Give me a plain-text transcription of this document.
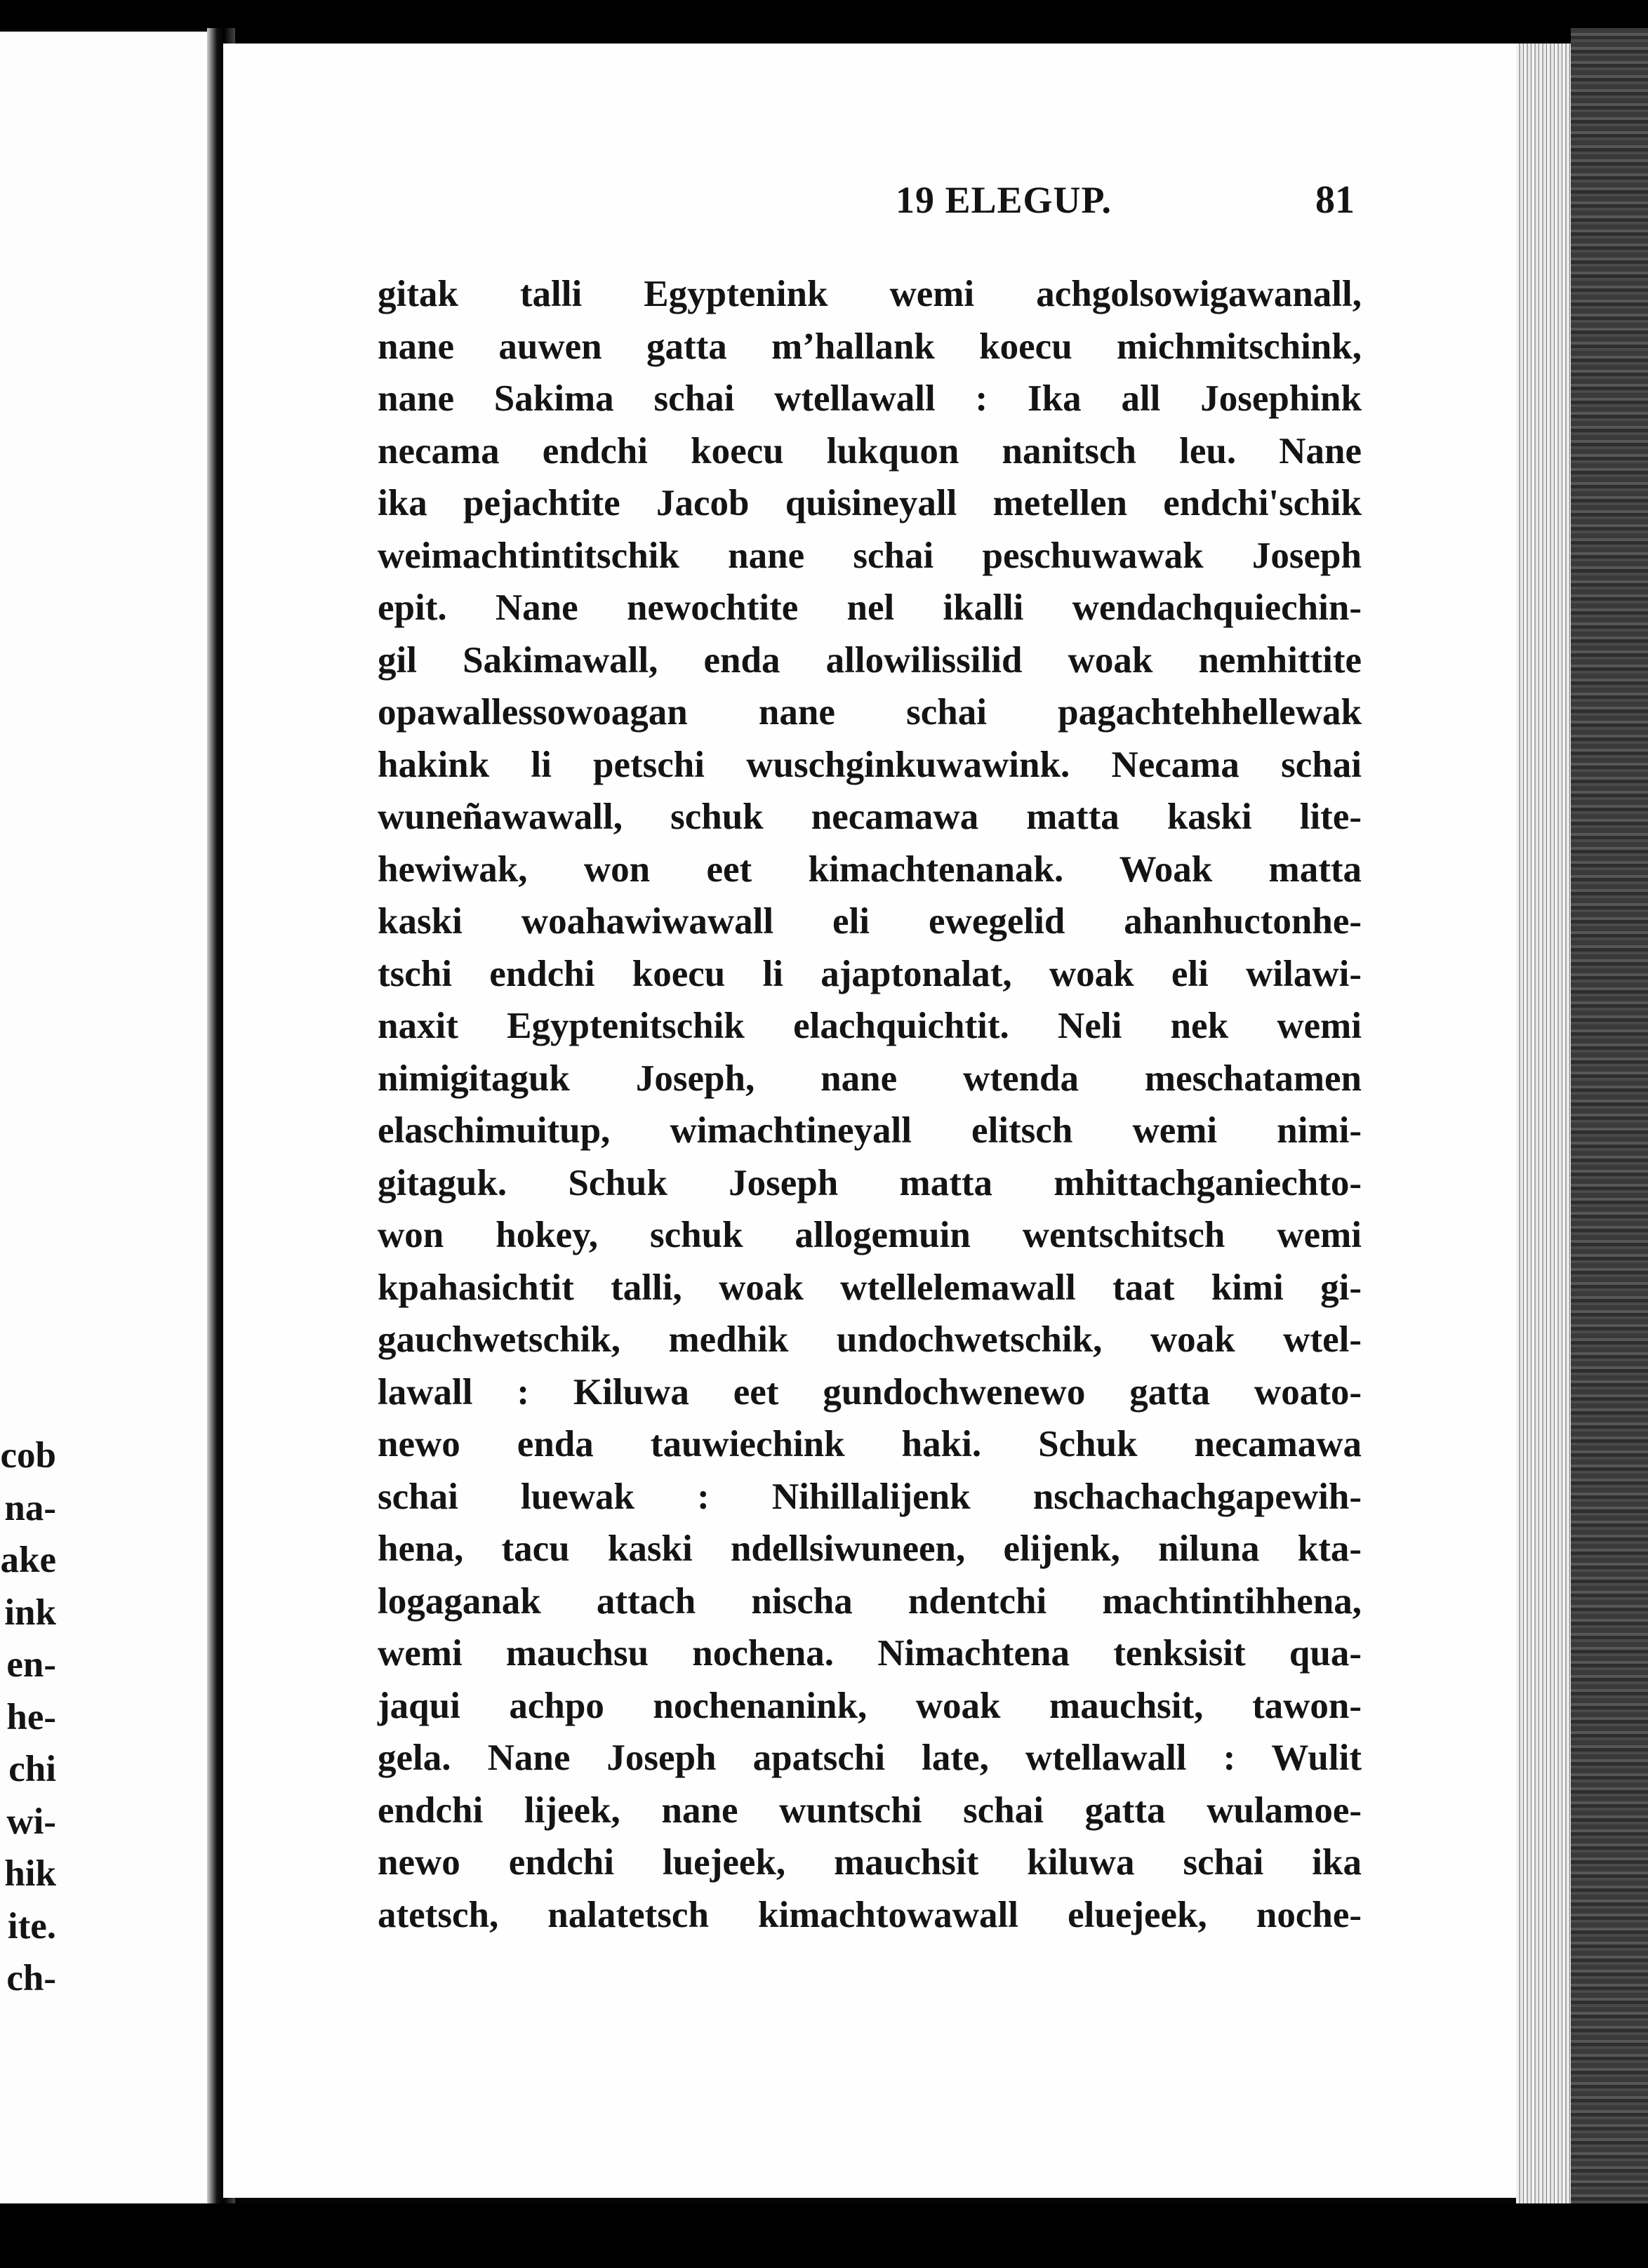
cob
na-
ake
ink
en-
he-
chi
wi-
hik
ite.
ch-
19 ELEGUP.	81
gitak talli Egyptenink wemi achgolsowigawanall,
nane auwen gatta m’hallank koecu michmitschink,
nane Sakima schai wtellawall : Ika all Josephink
necama endchi koecu lukquon nanitsch leu. Nane
ika pejachtite Jacob quisineyall metellen endchi'schik
weimachtintitschik nane schai peschuwawak Joseph
epit. Nane newochtite nel ikalli wendachquiechin-
gil Sakimawall, enda allowilissilid woak nemhittite
opawallessowoagan nane schai pagachtehhellewak
hakink li petschi wuschginkuwawink. Necama schai
wuneñawawall, schuk necamawa matta kaski lite-
hewiwak, won eet kimachtenanak. Woak matta
kaski woahawiwawall eli ewegelid ahanhuctonhe-
tschi endchi koecu li ajaptonalat, woak eli wilawi-
naxit Egyptenitschik elachquichtit. Neli nek wemi
nimigitaguk Joseph, nane wtenda meschatamen
elaschimuitup, wimachtineyall elitsch wemi nimi-
gitaguk. Schuk Joseph matta mhittachganiechto-
won hokey, schuk allogemuin wentschitsch wemi
kpahasichtit talli, woak wtellelemawall taat kimi gi-
gauchwetschik, medhik undochwetschik, woak wtel-
lawall : Kiluwa eet gundochwenewo gatta woato-
newo enda tauwiechink haki. Schuk necamawa
schai luewak : Nihillalijenk nschachachgapewih-
hena, tacu kaski ndellsiwuneen, elijenk, niluna kta-
logaganak attach nischa ndentchi machtintihhena,
wemi mauchsu nochena. Nimachtena tenksisit qua-
jaqui achpo nochenanink, woak mauchsit, tawon-
gela. Nane Joseph apatschi late, wtellawall : Wulit
endchi lijeek, nane wuntschi schai gatta wulamoe-
newo endchi luejeek, mauchsit kiluwa schai ika
atetsch, nalatetsch kimachtowawall eluejeek, noche-
